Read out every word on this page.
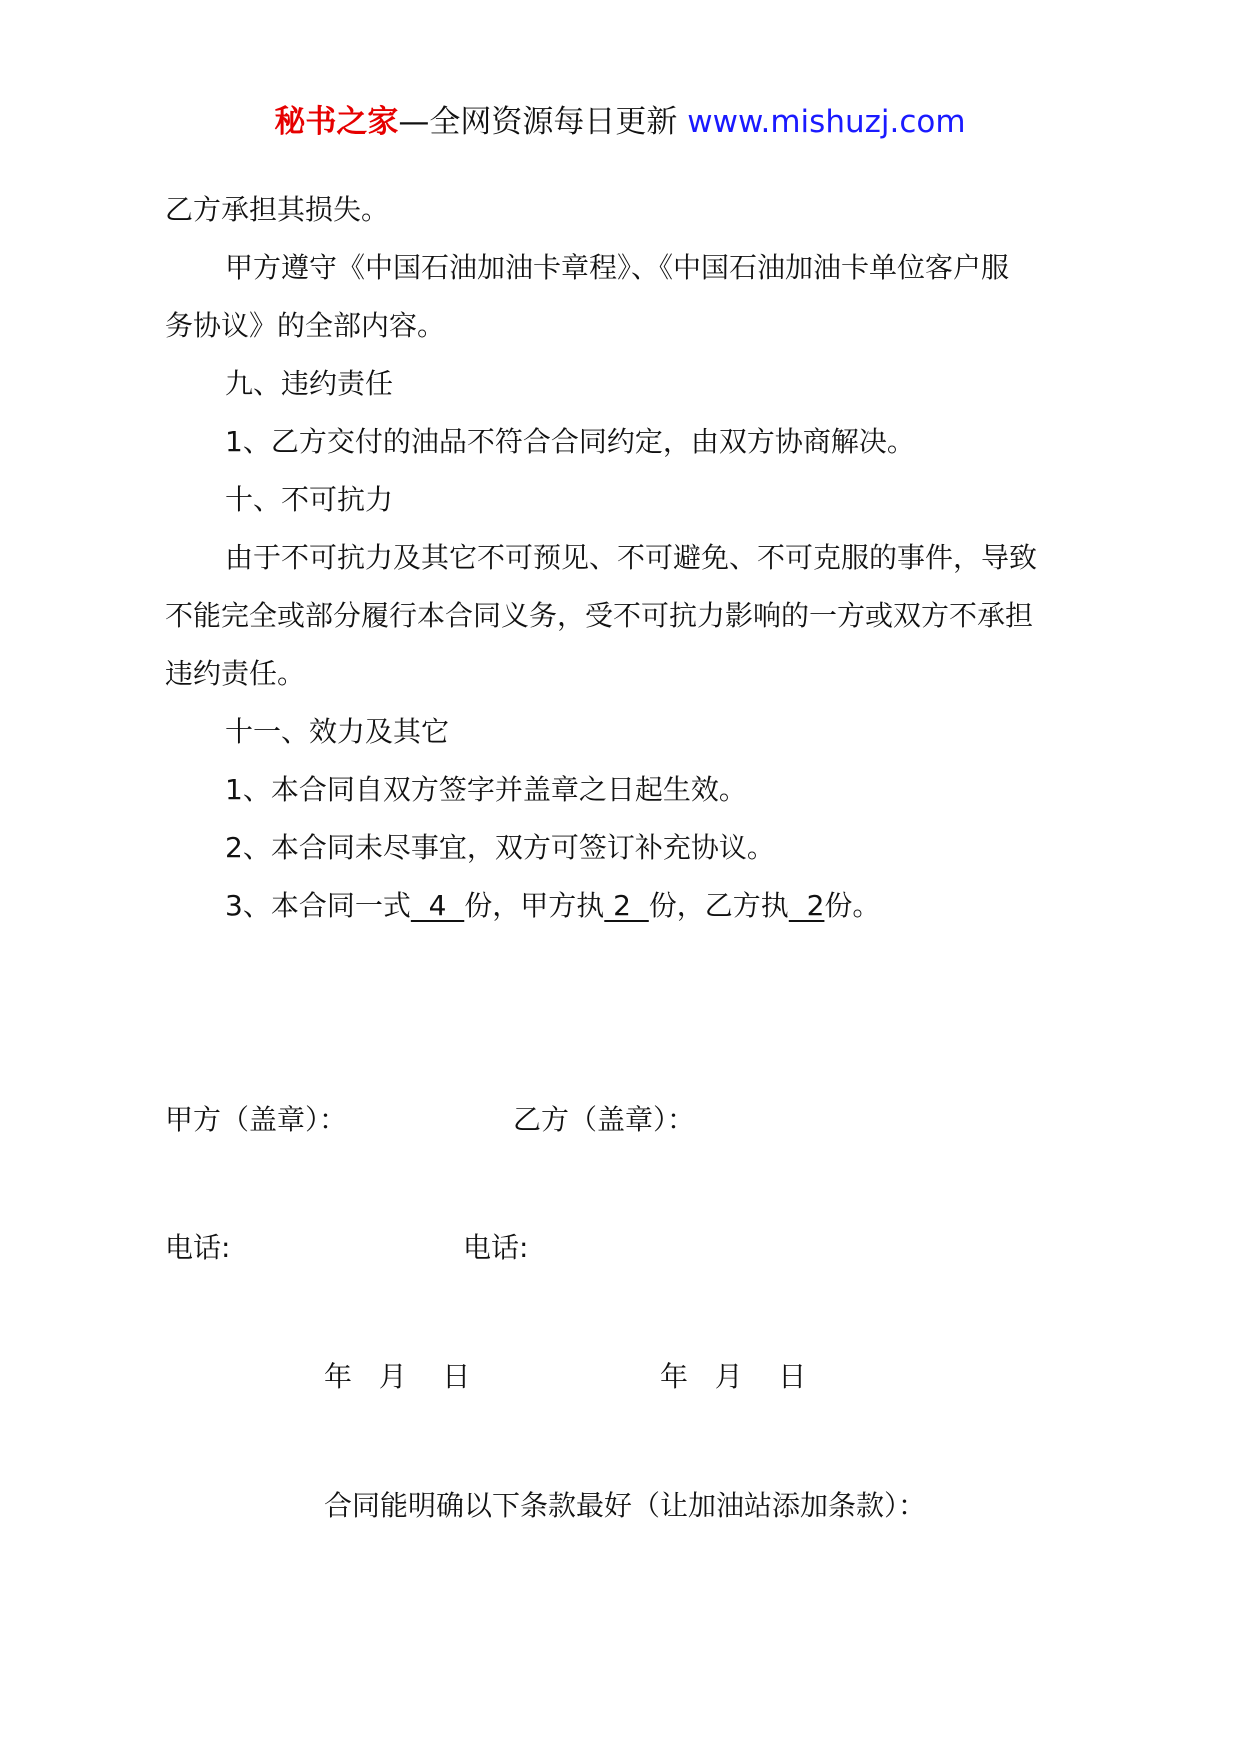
秘书之家—全网资源每日更新 www.mishuzj.com
乙方承担其损失。
甲方遵守《中国石油加油卡章程》、《中国石油加油卡单位客户服
务协议》的全部内容。
九、违约责任
1、乙方交付的油品不符合合同约定，由双方协商解决。
十、不可抗力
由于不可抗力及其它不可预见、不可避免、不可克服的事件，导致
不能完全或部分履行本合同义务，受不可抗力影响的一方或双方不承担
违约责任。
十一、效力及其它
1、本合同自双方签字并盖章之日起生效。
2、本合同未尽事宜，双方可签订补充协议。
3、本合同一式  4  份，甲方执 2  份，乙方执  2份。
甲方（盖章）：	乙方（盖章）：
电话:	电话:
年   月    日	年   月    日
合同能明确以下条款最好（让加油站添加条款）：
